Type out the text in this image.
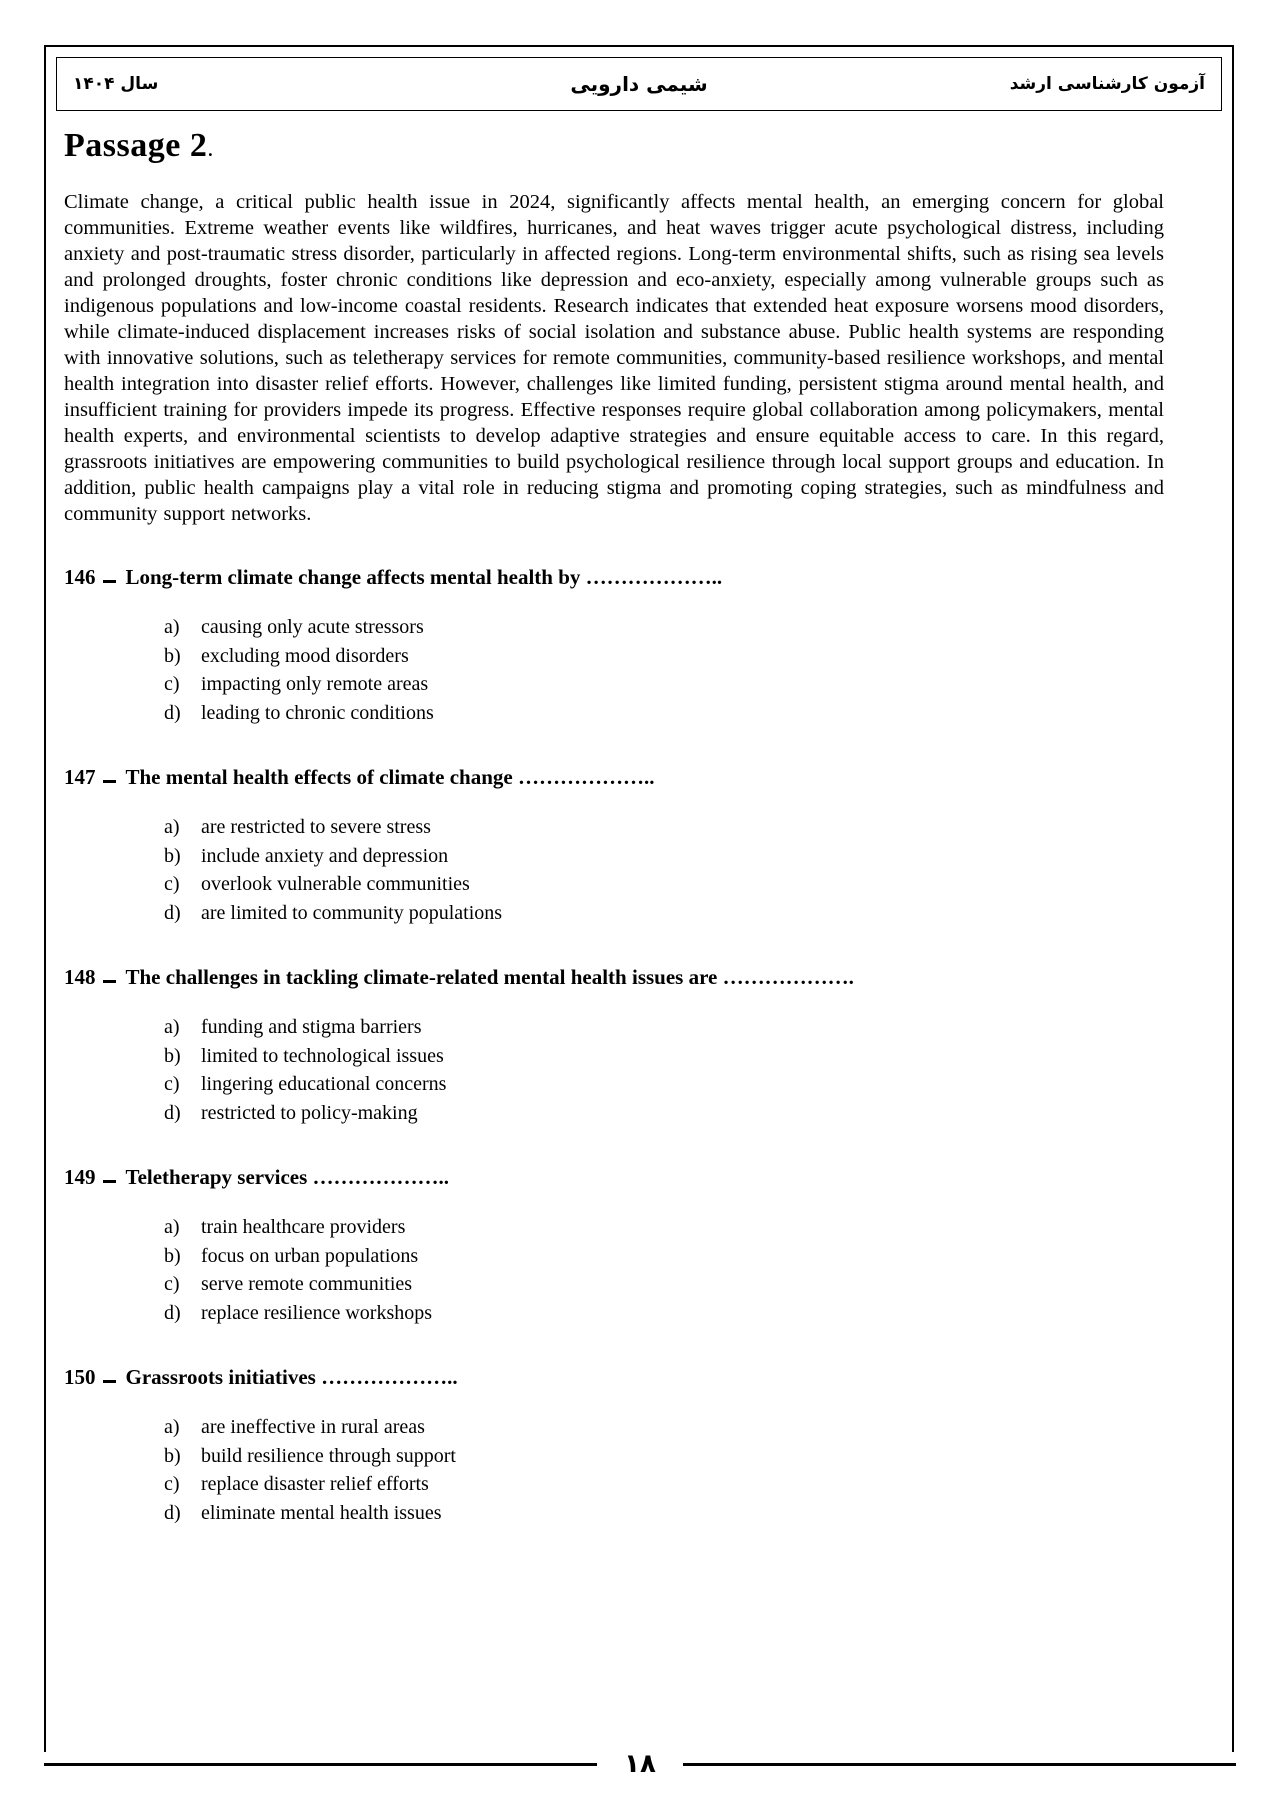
سال ۱۴۰۴	شیمی دارویی	آزمون کارشناسی ارشد
Passage 2.
Climate change, a critical public health issue in 2024, significantly affects mental health, an emerging concern for global communities. Extreme weather events like wildfires, hurricanes, and heat waves trigger acute psychological distress, including anxiety and post-traumatic stress disorder, particularly in affected regions. Long-term environmental shifts, such as rising sea levels and prolonged droughts, foster chronic conditions like depression and eco-anxiety, especially among vulnerable groups such as indigenous populations and low-income coastal residents. Research indicates that extended heat exposure worsens mood disorders, while climate-induced displacement increases risks of social isolation and substance abuse. Public health systems are responding with innovative solutions, such as teletherapy services for remote communities, community-based resilience workshops, and mental health integration into disaster relief efforts. However, challenges like limited funding, persistent stigma around mental health, and insufficient training for providers impede its progress. Effective responses require global collaboration among policymakers, mental health experts, and environmental scientists to develop adaptive strategies and ensure equitable access to care. In this regard, grassroots initiatives are empowering communities to build psychological resilience through local support groups and education. In addition, public health campaigns play a vital role in reducing stigma and promoting coping strategies, such as mindfulness and community support networks.
146 Long-term climate change affects mental health by ………………..
a)	causing only acute stressors
b)	excluding mood disorders
c)	impacting only remote areas
d)	leading to chronic conditions
147 The mental health effects of climate change ………………..
a)	are restricted to severe stress
b)	include anxiety and depression
c)	overlook vulnerable communities
d)	are limited to community populations
148 The challenges in tackling climate-related mental health issues are ……………….
a)	funding and stigma barriers
b)	limited to technological issues
c)	lingering educational concerns
d)	restricted to policy-making
149 Teletherapy services ………………..
a)	train healthcare providers
b)	focus on urban populations
c)	serve remote communities
d)	replace resilience workshops
150 Grassroots initiatives ………………..
a)	are ineffective in rural areas
b)	build resilience through support
c)	replace disaster relief efforts
d)	eliminate mental health issues
۱۸
